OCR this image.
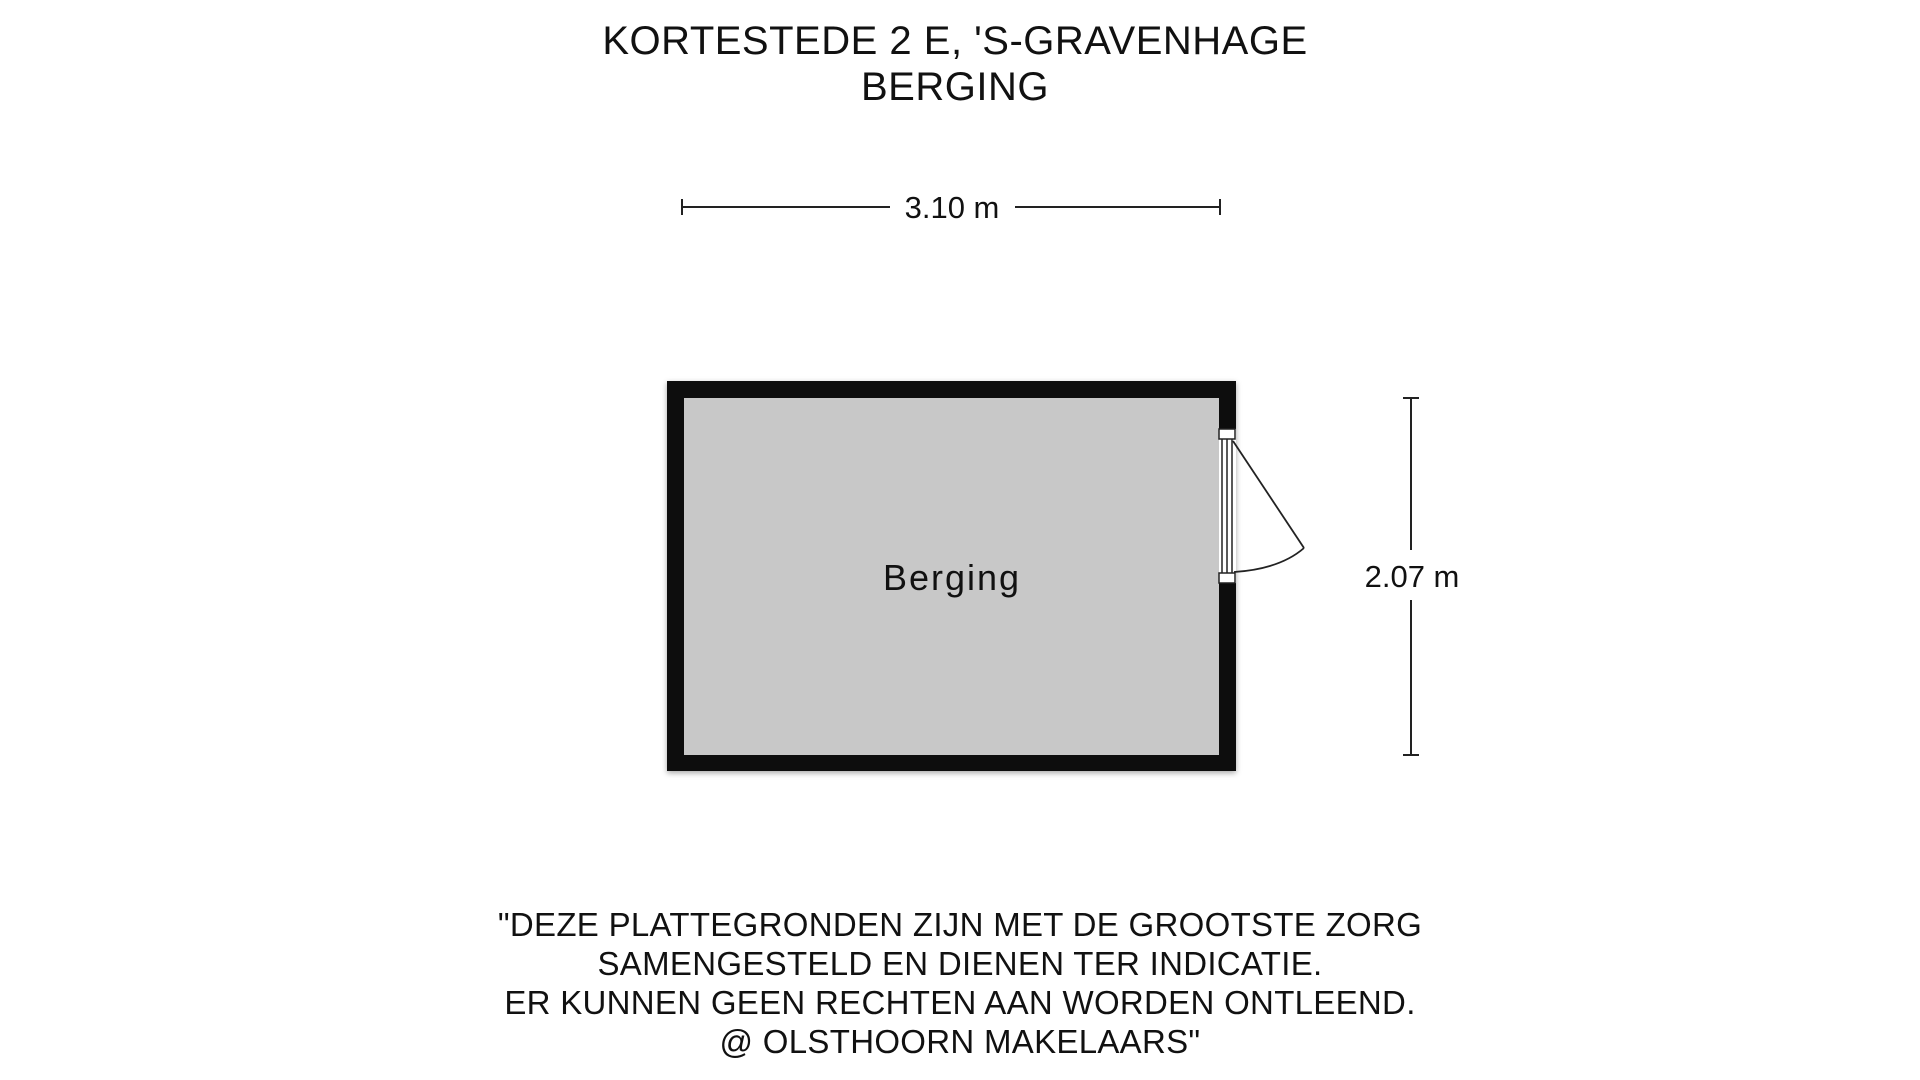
KORTESTEDE 2 E, 'S-GRAVENHAGE
BERGING
3.10 m
2.07 m
Berging
"DEZE PLATTEGRONDEN ZIJN MET DE GROOTSTE ZORG
SAMENGESTELD EN DIENEN TER INDICATIE.
ER KUNNEN GEEN RECHTEN AAN WORDEN ONTLEEND.
@ OLSTHOORN MAKELAARS"
